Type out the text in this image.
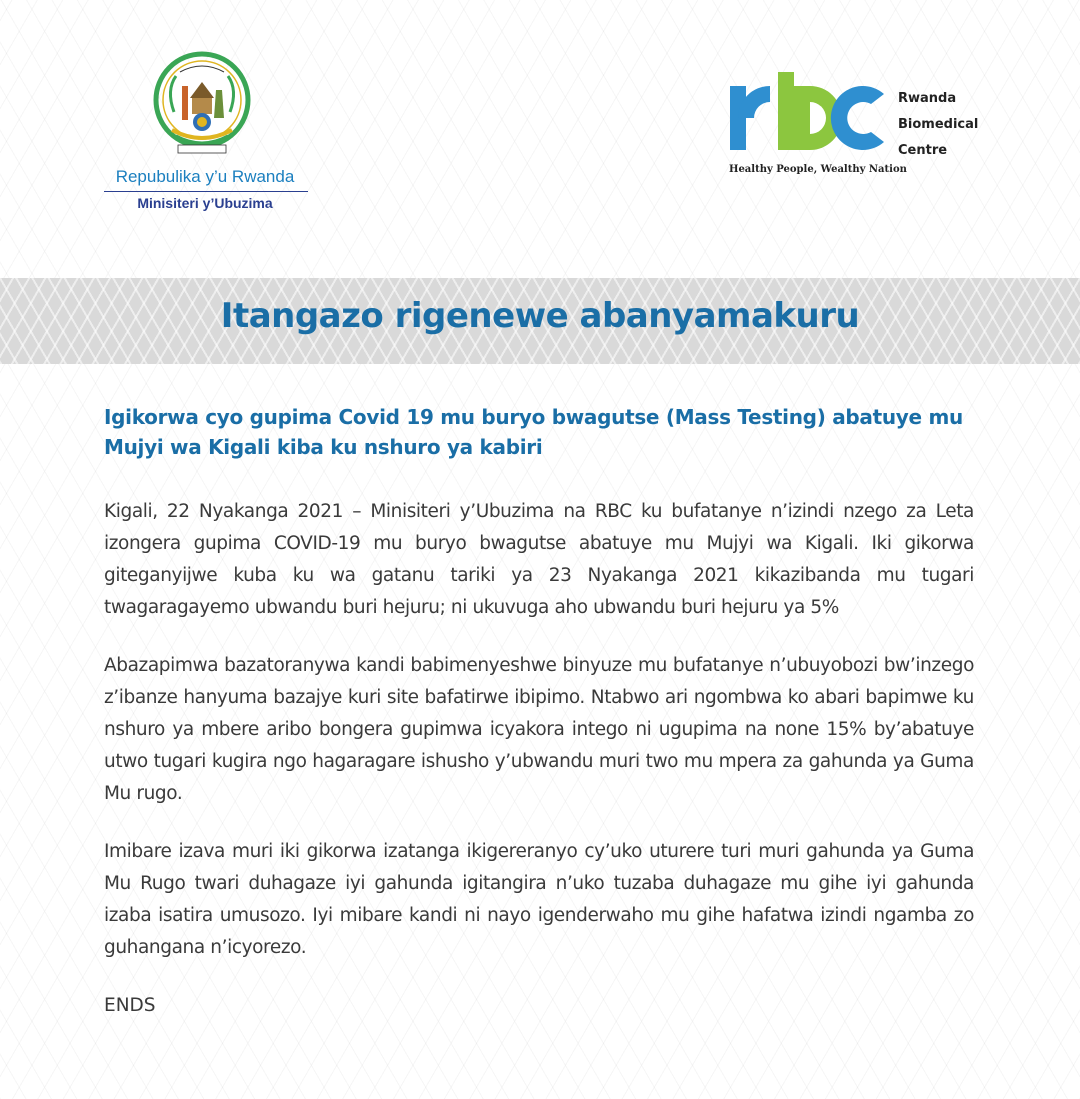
Repubulika y’u Rwanda
Minisiteri y’Ubuzima
Rwanda
Biomedical
Centre
Healthy People, Wealthy Nation
Itangazo rigenewe abanyamakuru

Igikorwa cyo gupima Covid 19 mu buryo bwagutse (Mass Testing) abatuye mu Mujyi wa Kigali kiba ku nshuro ya kabiri

Kigali, 22 Nyakanga 2021 – Minisiteri y’Ubuzima na RBC ku bufatanye n’izindi nzego za Leta izongera gupima COVID-19 mu buryo bwagutse abatuye mu Mujyi wa Kigali. Iki gikorwa giteganyijwe kuba ku wa gatanu tariki ya 23 Nyakanga 2021 kikazibanda mu tugari twagaragayemo ubwandu buri hejuru; ni ukuvuga aho ubwandu buri hejuru ya 5%

Abazapimwa bazatoranywa kandi babimenyeshwe binyuze mu bufatanye n’ubuyobozi bw’inzego z’ibanze hanyuma bazajye kuri site bafatirwe ibipimo. Ntabwo ari ngombwa ko abari bapimwe ku nshuro ya mbere aribo bongera gupimwa icyakora intego ni ugupima na none 15% by’abatuye utwo tugari kugira ngo hagaragare ishusho y’ubwandu muri two mu mpera za gahunda ya Guma Mu rugo.

Imibare izava muri iki gikorwa izatanga ikigereranyo cy’uko uturere turi muri gahunda ya Guma Mu Rugo twari duhagaze iyi gahunda igitangira n’uko tuzaba duhagaze mu gihe iyi gahunda izaba isatira umusozo. Iyi mibare kandi ni nayo igenderwaho mu gihe hafatwa izindi ngamba zo guhangana n’icyorezo.

ENDS
